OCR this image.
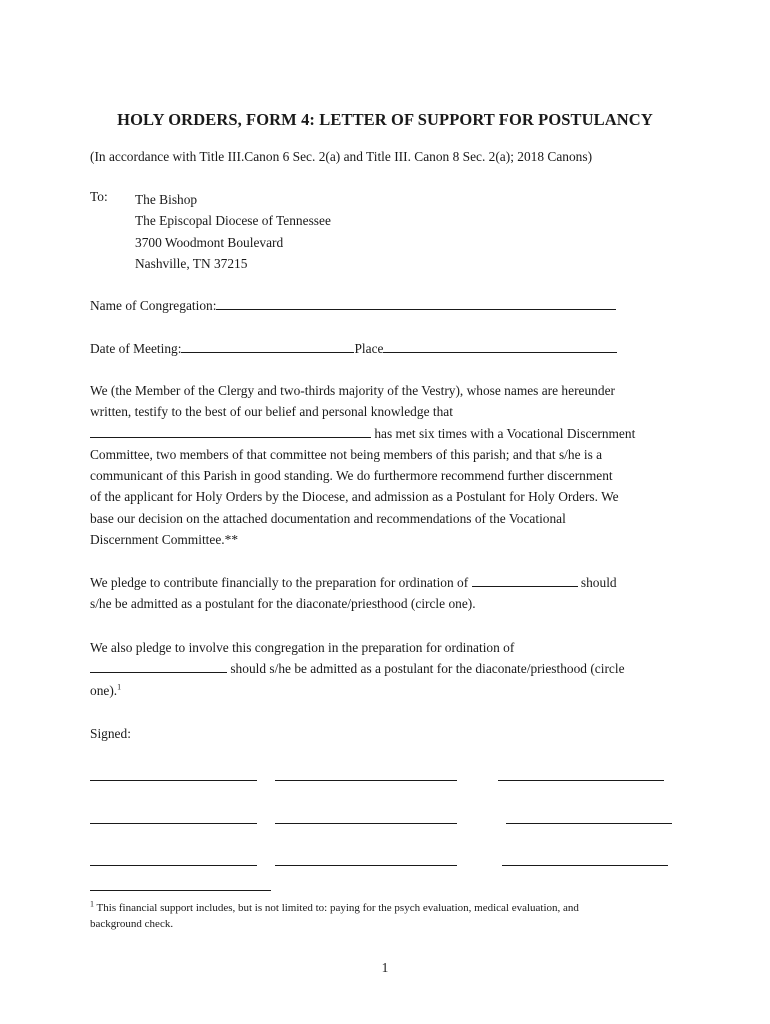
HOLY ORDERS, FORM 4: LETTER OF SUPPORT FOR POSTULANCY
(In accordance with Title III.Canon 6 Sec. 2(a) and Title III. Canon 8 Sec. 2(a); 2018 Canons)
To: The Bishop
The Episcopal Diocese of Tennessee
3700 Woodmont Boulevard
Nashville, TN 37215
Name of Congregation:
Date of Meeting:	Place
We (the Member of the Clergy and two-thirds majority of the Vestry), whose names are hereunder
written, testify to the best of our belief and personal knowledge that
has met six times with a Vocational Discernment
Committee, two members of that committee not being members of this parish; and that s/he is a
communicant of this Parish in good standing. We do furthermore recommend further discernment
of the applicant for Holy Orders by the Diocese, and admission as a Postulant for Holy Orders. We
base our decision on the attached documentation and recommendations of the Vocational
Discernment Committee.**
We pledge to contribute financially to the preparation for ordination of	should
s/he be admitted as a postulant for the diaconate/priesthood (circle one).
We also pledge to involve this congregation in the preparation for ordination of
should s/he be admitted as a postulant for the diaconate/priesthood (circle
one).$^1$
Signed:
$^1$ This financial support includes, but is not limited to: paying for the psych evaluation, medical evaluation, and
background check.
1
